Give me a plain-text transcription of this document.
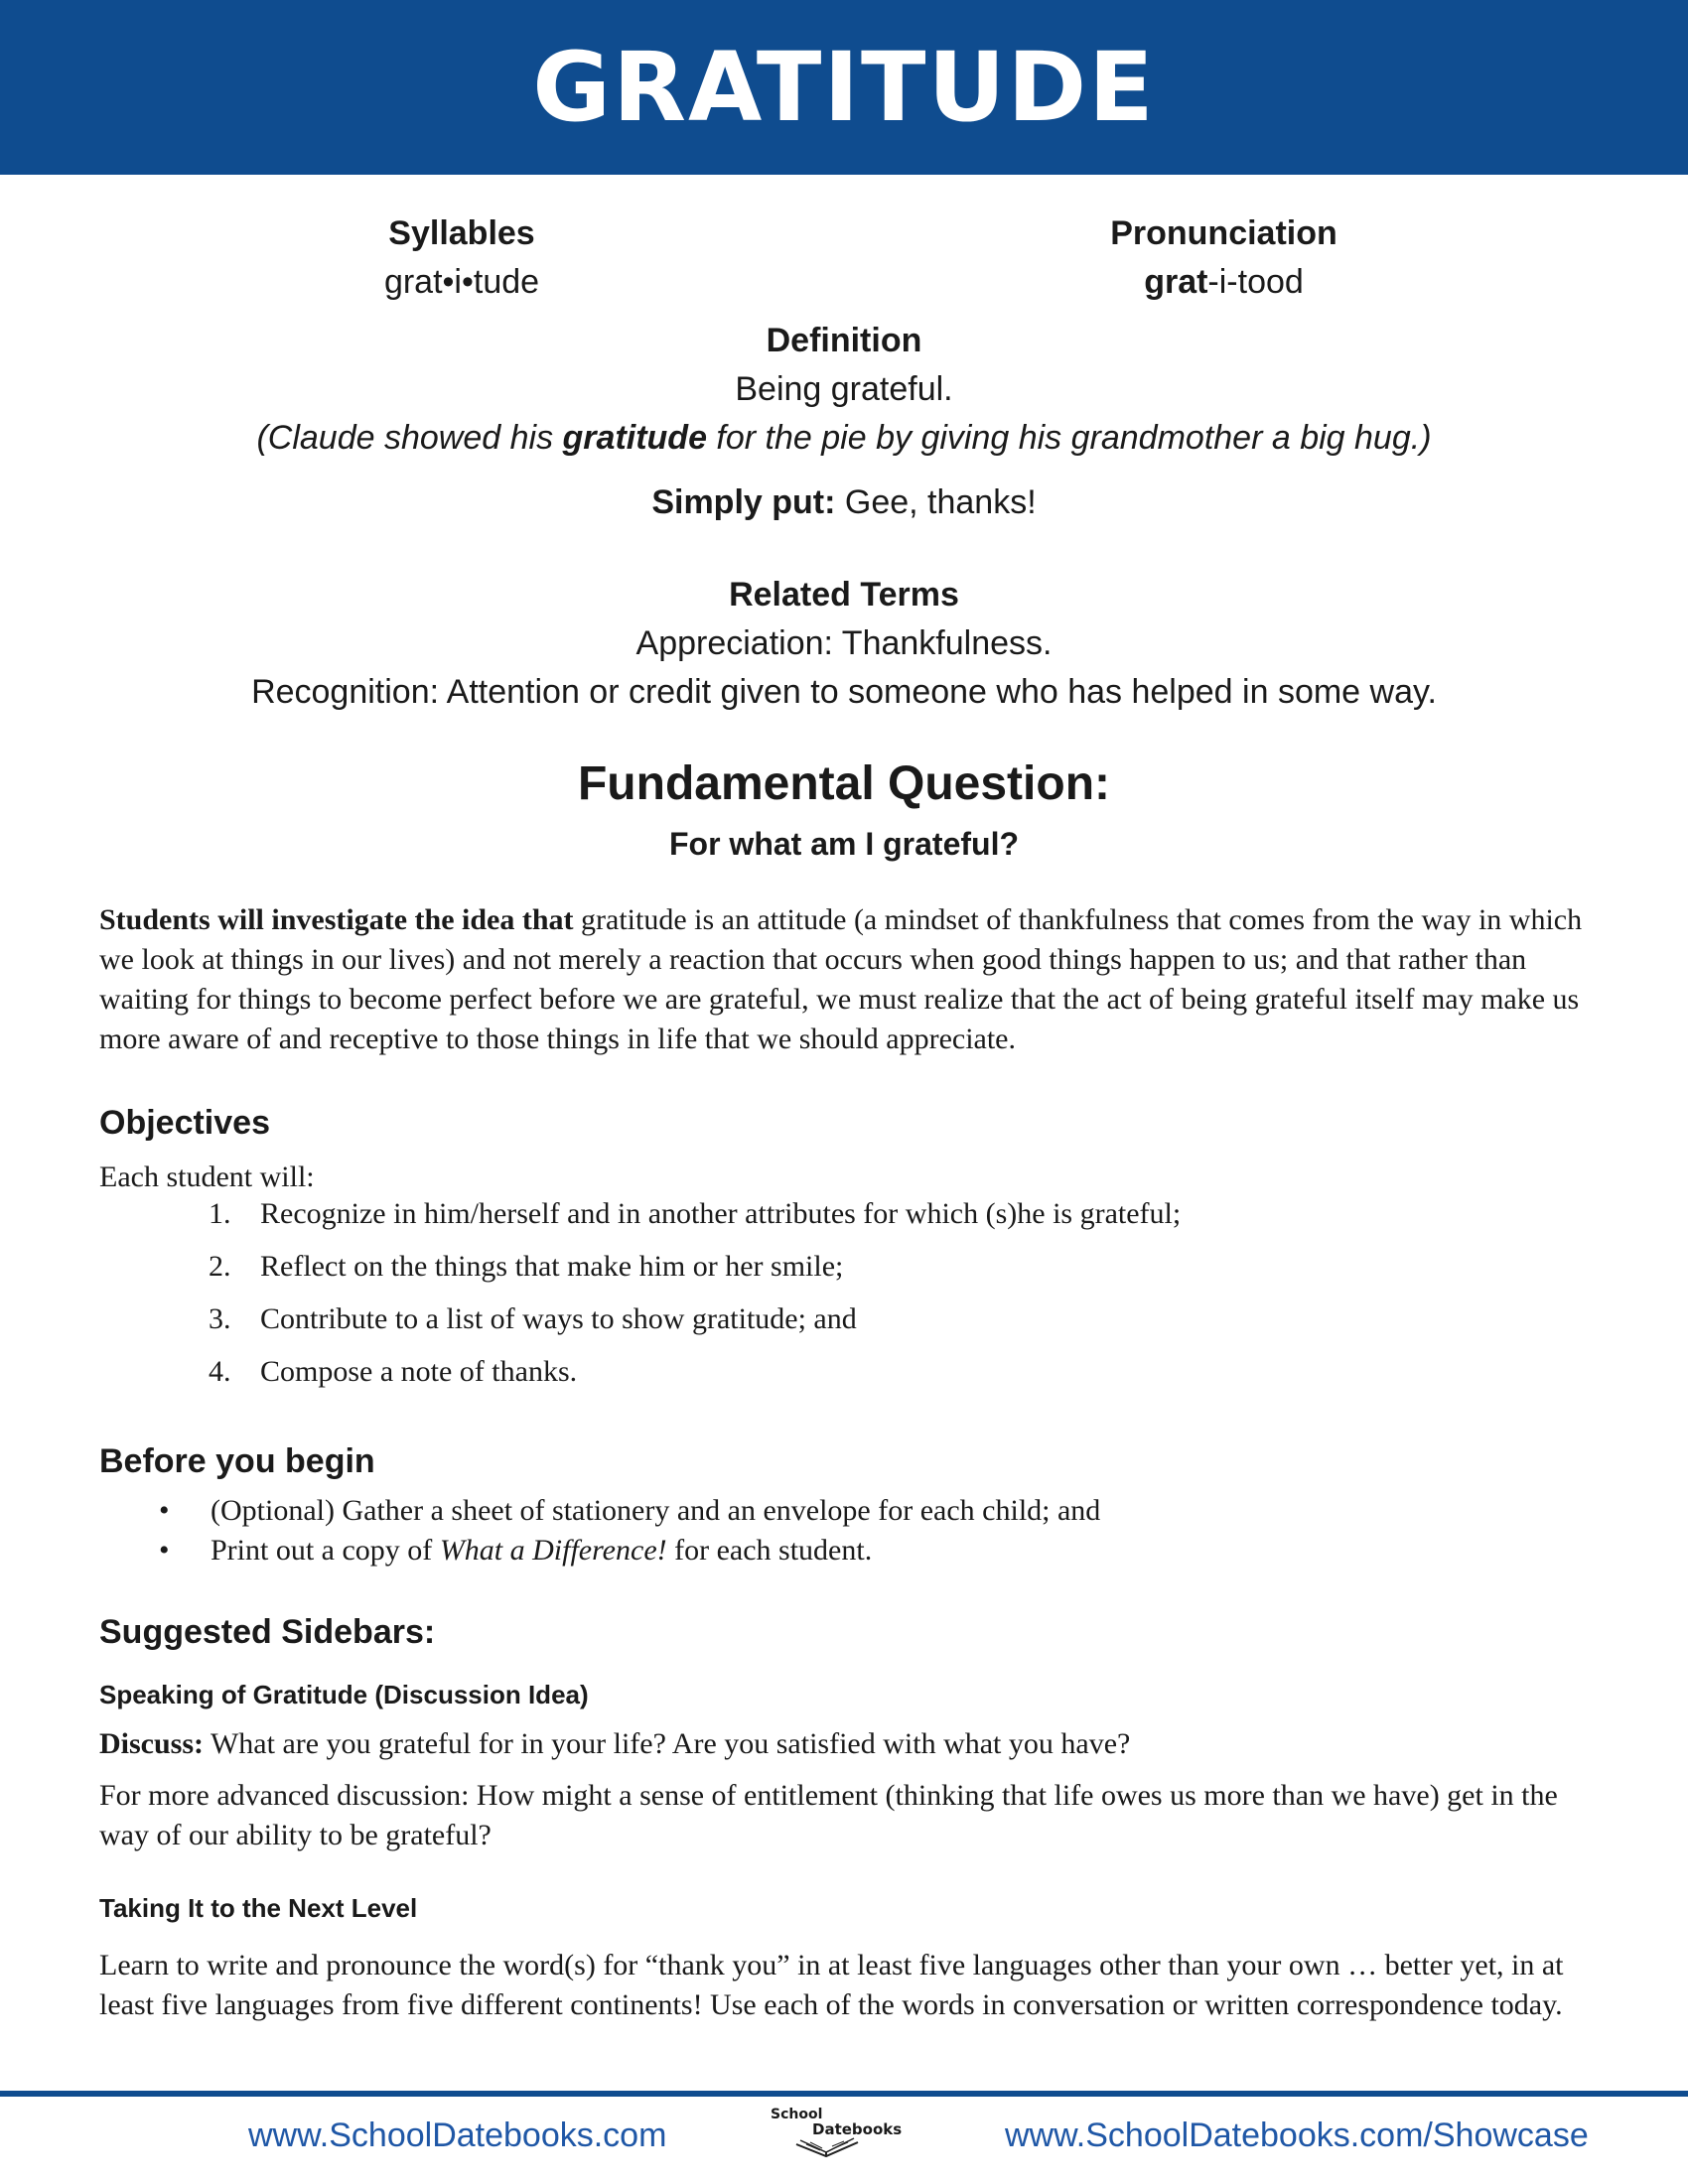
GRATITUDE
Syllables
grat•i•tude
Pronunciation
grat-i-tood
Definition
Being grateful.
(Claude showed his gratitude for the pie by giving his grandmother a big hug.)
Simply put: Gee, thanks!
Related Terms
Appreciation: Thankfulness.
Recognition: Attention or credit given to someone who has helped in some way.
Fundamental Question:
For what am I grateful?
Students will investigate the idea that gratitude is an attitude (a mindset of thankfulness that comes from the way in which we look at things in our lives) and not merely a reaction that occurs when good things happen to us; and that rather than waiting for things to become perfect before we are grateful, we must realize that the act of being grateful itself may make us more aware of and receptive to those things in life that we should appreciate.
Objectives
Each student will:
1. Recognize in him/herself and in another attributes for which (s)he is grateful;
2. Reflect on the things that make him or her smile;
3. Contribute to a list of ways to show gratitude; and
4. Compose a note of thanks.
Before you begin
•	(Optional) Gather a sheet of stationery and an envelope for each child; and
•	Print out a copy of What a Difference! for each student.
Suggested Sidebars:
Speaking of Gratitude (Discussion Idea)
Discuss: What are you grateful for in your life? Are you satisfied with what you have?
For more advanced discussion: How might a sense of entitlement (thinking that life owes us more than we have) get in the way of our ability to be grateful?
Taking It to the Next Level
Learn to write and pronounce the word(s) for “thank you” in at least five languages other than your own … better yet, in at least five languages from five different continents! Use each of the words in conversation or written correspondence today.
www.SchoolDatebooks.com
School
Datebooks	www.SchoolDatebooks.com/Showcase
